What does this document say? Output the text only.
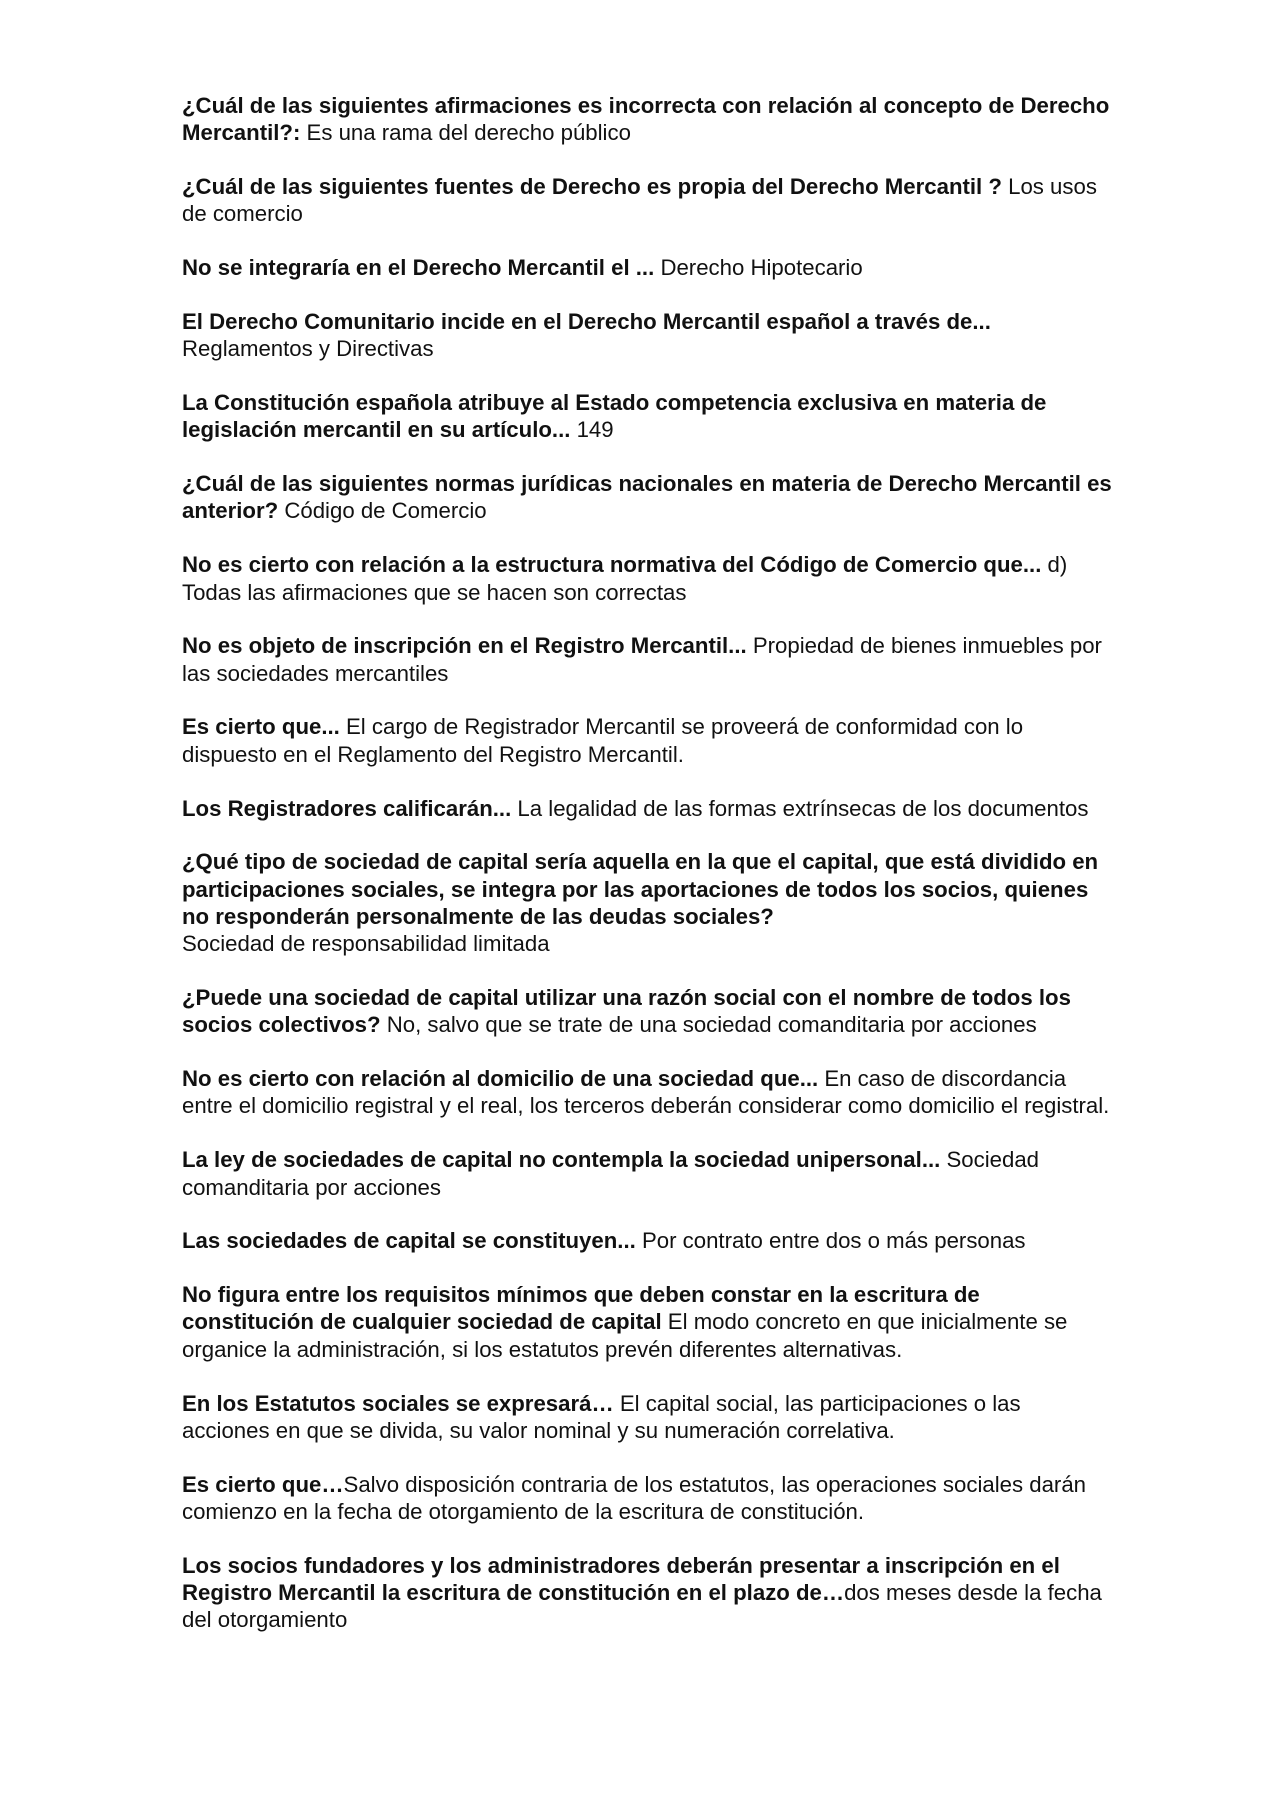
¿Cuál de las siguientes afirmaciones es incorrecta con relación al concepto de Derecho Mercantil?: Es una rama del derecho público

¿Cuál de las siguientes fuentes de Derecho es propia del Derecho Mercantil ? Los usos de comercio

No se integraría en el Derecho Mercantil el ... Derecho Hipotecario

El Derecho Comunitario incide en el Derecho Mercantil español a través de... Reglamentos y Directivas

La Constitución española atribuye al Estado competencia exclusiva en materia de legislación mercantil en su artículo... 149

¿Cuál de las siguientes normas jurídicas nacionales en materia de Derecho Mercantil es anterior? Código de Comercio

No es cierto con relación a la estructura normativa del Código de Comercio que... d) Todas las afirmaciones que se hacen son correctas

No es objeto de inscripción en el Registro Mercantil... Propiedad de bienes inmuebles por las sociedades mercantiles

Es cierto que... El cargo de Registrador Mercantil se proveerá de conformidad con lo dispuesto en el Reglamento del Registro Mercantil.

Los Registradores calificarán... La legalidad de las formas extrínsecas de los documentos

¿Qué tipo de sociedad de capital sería aquella en la que el capital, que está dividido en participaciones sociales, se integra por las aportaciones de todos los socios, quienes no responderán personalmente de las deudas sociales?
Sociedad de responsabilidad limitada

¿Puede una sociedad de capital utilizar una razón social con el nombre de todos los socios colectivos? No, salvo que se trate de una sociedad comanditaria por acciones

No es cierto con relación al domicilio de una sociedad que... En caso de discordancia entre el domicilio registral y el real, los terceros deberán considerar como domicilio el registral.

La ley de sociedades de capital no contempla la sociedad unipersonal... Sociedad comanditaria por acciones

Las sociedades de capital se constituyen... Por contrato entre dos o más personas

No figura entre los requisitos mínimos que deben constar en la escritura de constitución de cualquier sociedad de capital El modo concreto en que inicialmente se organice la administración, si los estatutos prevén diferentes alternativas.

En los Estatutos sociales se expresará… El capital social, las participaciones o las acciones en que se divida, su valor nominal y su numeración correlativa.

Es cierto que…Salvo disposición contraria de los estatutos, las operaciones sociales darán comienzo en la fecha de otorgamiento de la escritura de constitución.

Los socios fundadores y los administradores deberán presentar a inscripción en el Registro Mercantil la escritura de constitución en el plazo de…dos meses desde la fecha del otorgamiento
